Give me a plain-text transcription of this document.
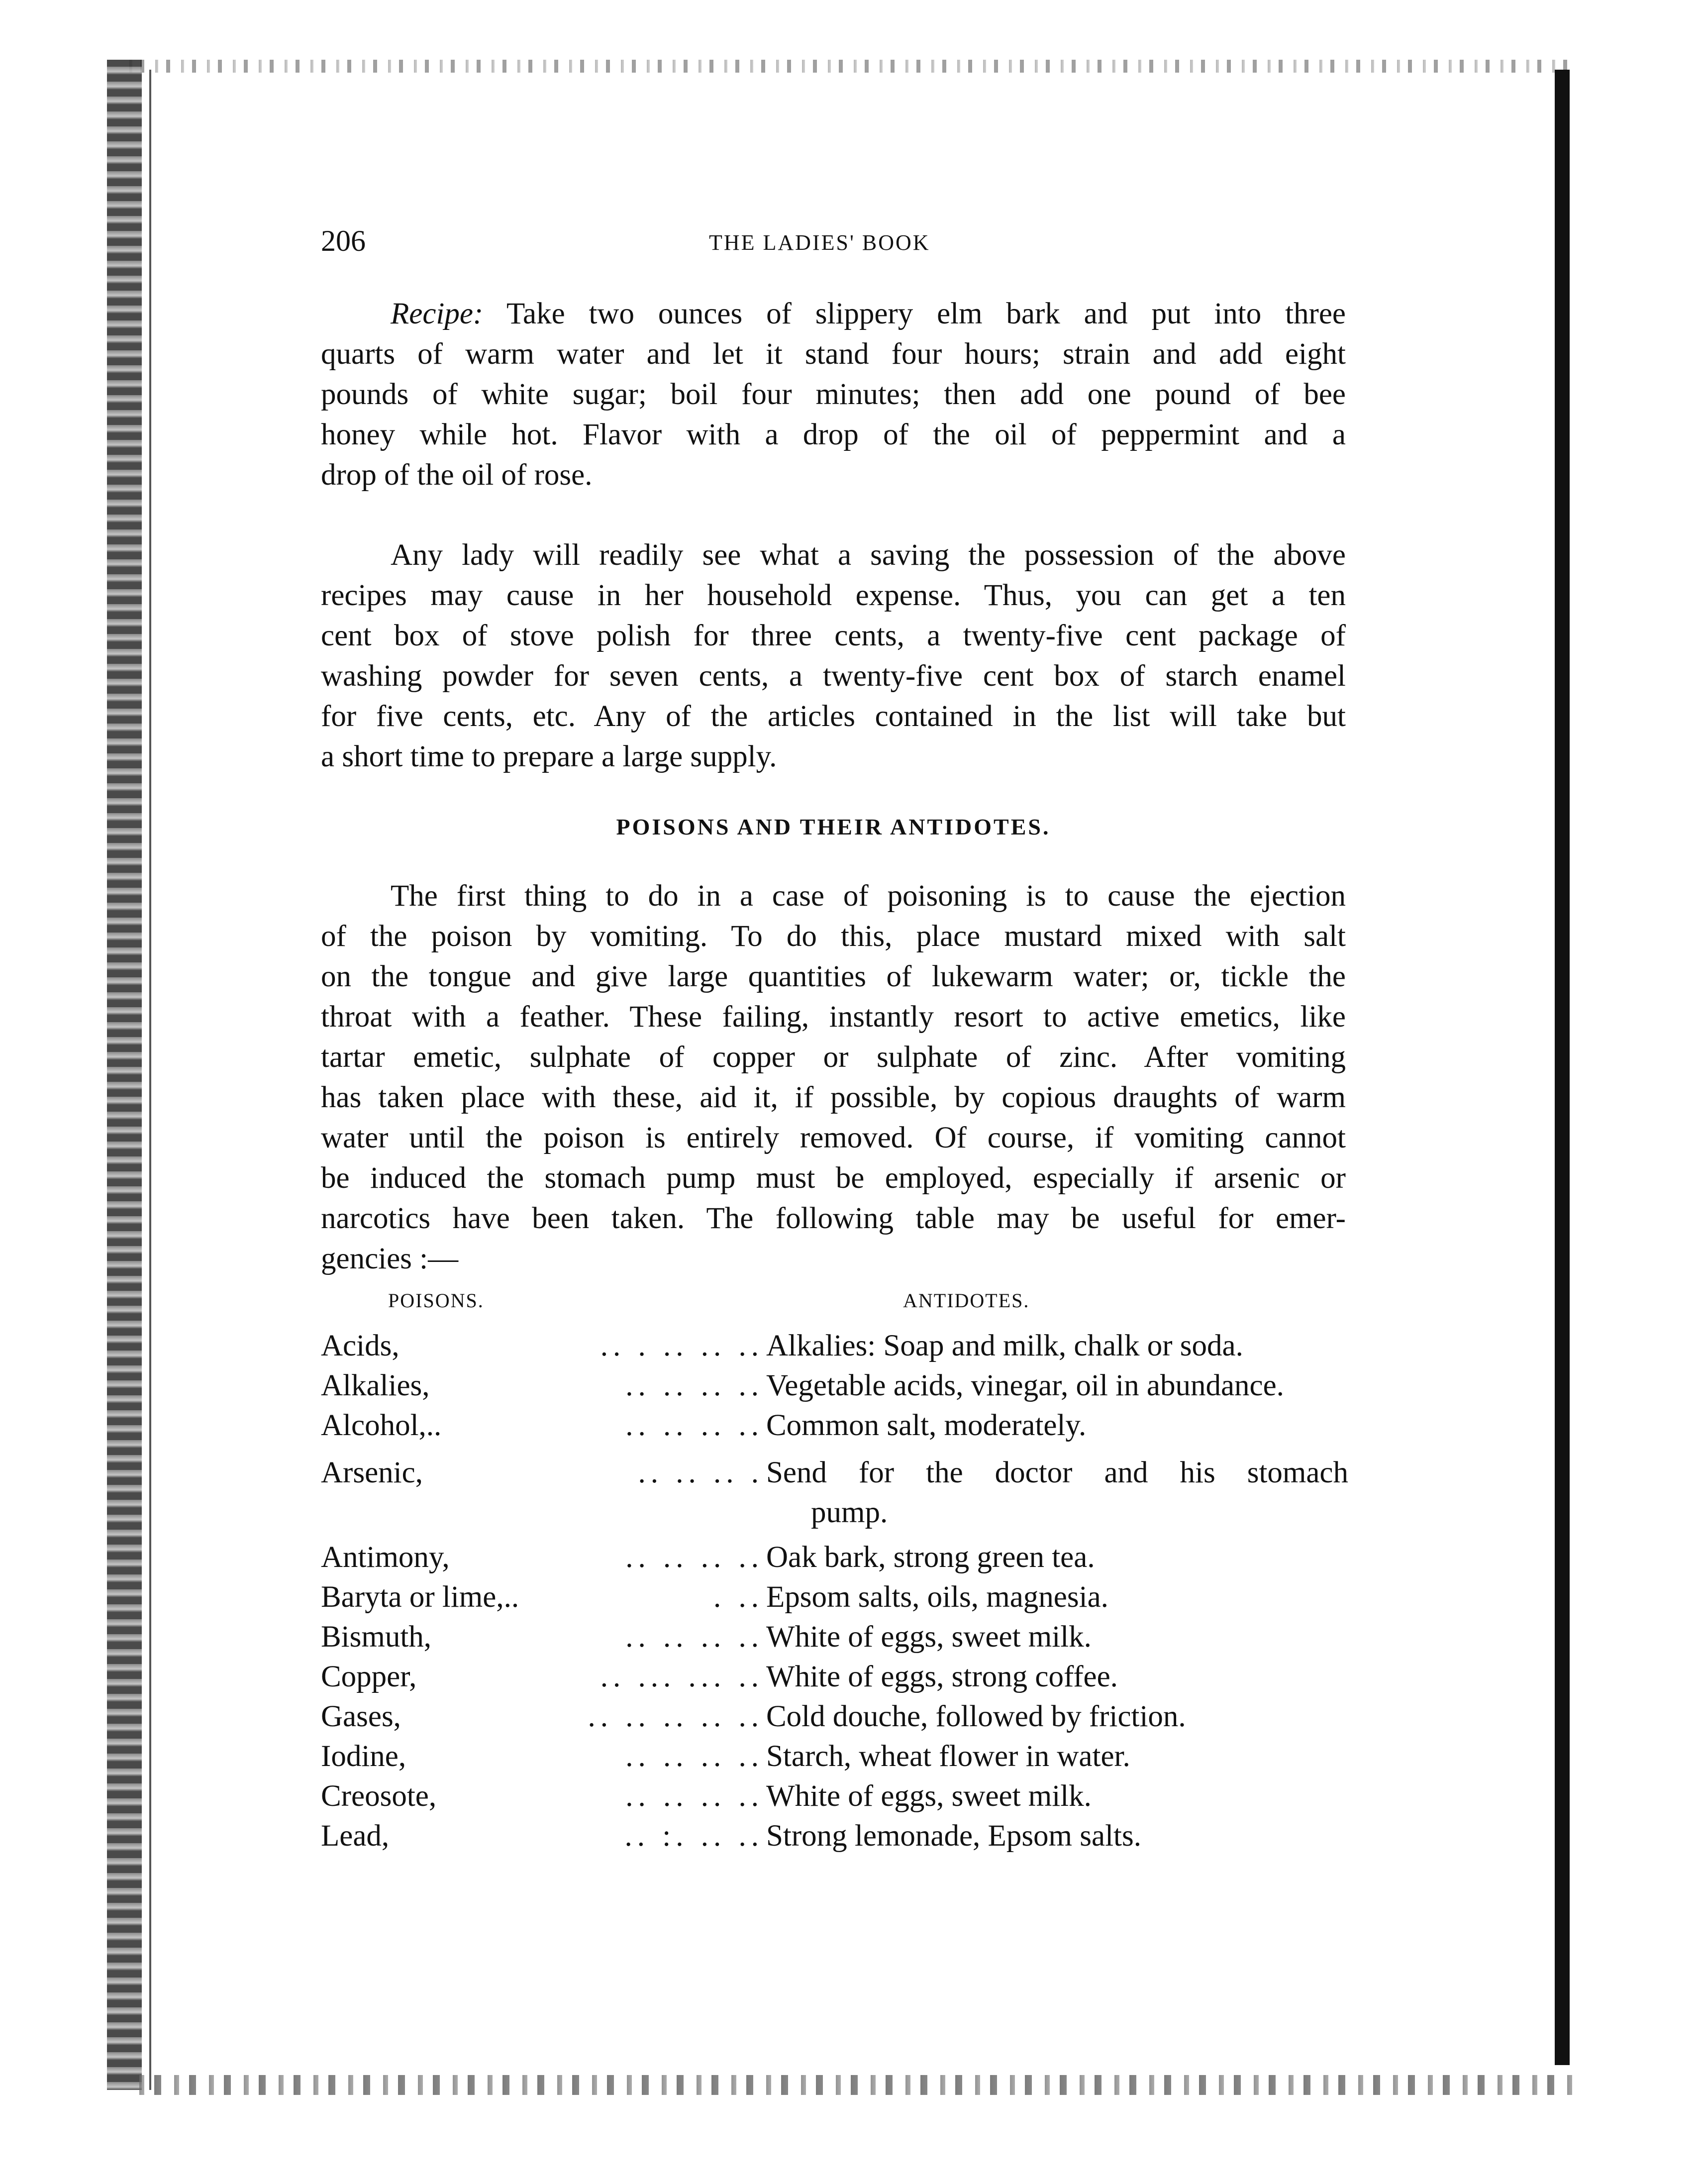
206	THE LADIES' BOOK
Recipe: Take two ounces of slippery elm bark and put into three
quarts of warm water and let it stand four hours; strain and add eight
pounds of white sugar; boil four minutes; then add one pound of bee
honey while hot. Flavor with a drop of the oil of peppermint and a
drop of the oil of rose.
Any lady will readily see what a saving the possession of the above
recipes may cause in her household expense. Thus, you can get a ten
cent box of stove polish for three cents, a twenty-five cent package of
washing powder for seven cents, a twenty-five cent box of starch enamel
for five cents, etc. Any of the articles contained in the list will take but
a short time to prepare a large supply.
POISONS AND THEIR ANTIDOTES.
The first thing to do in a case of poisoning is to cause the ejection
of the poison by vomiting. To do this, place mustard mixed with salt
on the tongue and give large quantities of lukewarm water; or, tickle the
throat with a feather. These failing, instantly resort to active emetics, like
tartar emetic, sulphate of copper or sulphate of zinc. After vomiting
has taken place with these, aid it, if possible, by copious draughts of warm
water until the poison is entirely removed. Of course, if vomiting cannot
be induced the stomach pump must be employed, especially if arsenic or
narcotics have been taken. The following table may be useful for emer-
gencies :—
POISONS.	ANTIDOTES.
Acids,	.. . .. .. .. Alkalies: Soap and milk, chalk or soda.
Alkalies,	.. .. .. .. Vegetable acids, vinegar, oil in abundance.
Alcohol,..	.. .. .. .. Common salt, moderately.
Arsenic,	.. .. .. . Send for the doctor and his stomach
pump.
Antimony,	.. .. .. .. Oak bark, strong green tea.
Baryta or lime,..	. .. Epsom salts, oils, magnesia.
Bismuth,	.. .. .. .. White of eggs, sweet milk.
Copper,	.. ... ... .. White of eggs, strong coffee.
Gases,	.. .. .. .. .. Cold douche, followed by friction.
Iodine,	.. .. .. .. Starch, wheat flower in water.
Creosote,	.. .. .. .. White of eggs, sweet milk.
Lead,	.. :. .. .. Strong lemonade, Epsom salts.
